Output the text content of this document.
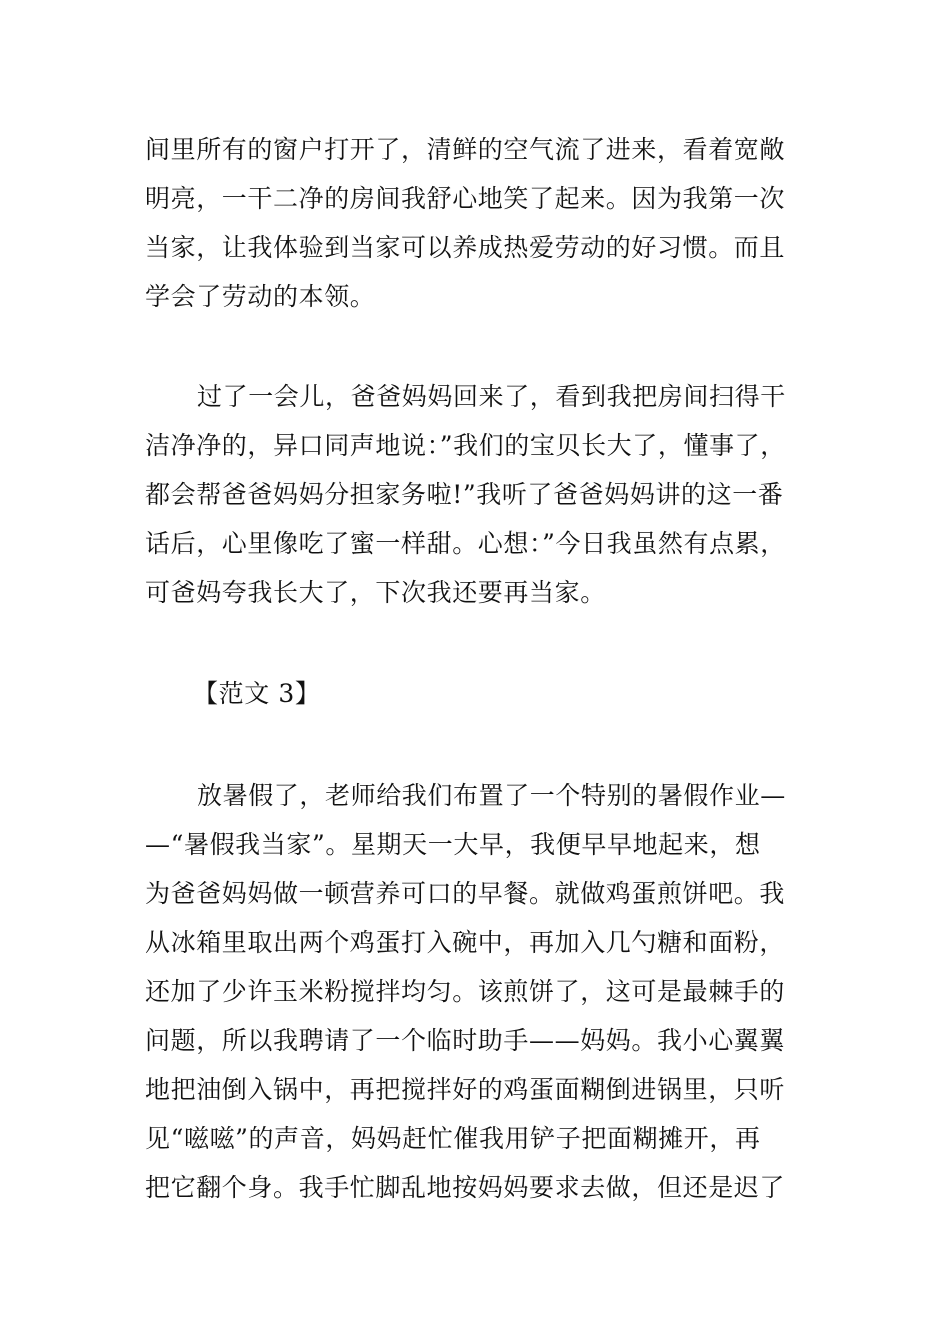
间里所有的窗户打开了，清鲜的空气流了进来，看着宽敞
明亮，一干二净的房间我舒心地笑了起来。因为我第一次
当家，让我体验到当家可以养成热爱劳动的好习惯。而且
学会了劳动的本领。
过了一会儿，爸爸妈妈回来了，看到我把房间扫得干
洁净净的，异口同声地说：”我们的宝贝长大了，懂事了，
都会帮爸爸妈妈分担家务啦!”我听了爸爸妈妈讲的这一番
话后，心里像吃了蜜一样甜。心想：”今日我虽然有点累，
可爸妈夸我长大了，下次我还要再当家。
【范文 3】
放暑假了，老师给我们布置了一个特别的暑假作业—
—“暑假我当家”。星期天一大早，我便早早地起来，想
为爸爸妈妈做一顿营养可口的早餐。就做鸡蛋煎饼吧。我
从冰箱里取出两个鸡蛋打入碗中，再加入几勺糖和面粉，
还加了少许玉米粉搅拌均匀。该煎饼了，这可是最棘手的
问题，所以我聘请了一个临时助手——妈妈。我小心翼翼
地把油倒入锅中，再把搅拌好的鸡蛋面糊倒进锅里，只听
见“嗞嗞”的声音，妈妈赶忙催我用铲子把面糊摊开，再
把它翻个身。我手忙脚乱地按妈妈要求去做，但还是迟了
